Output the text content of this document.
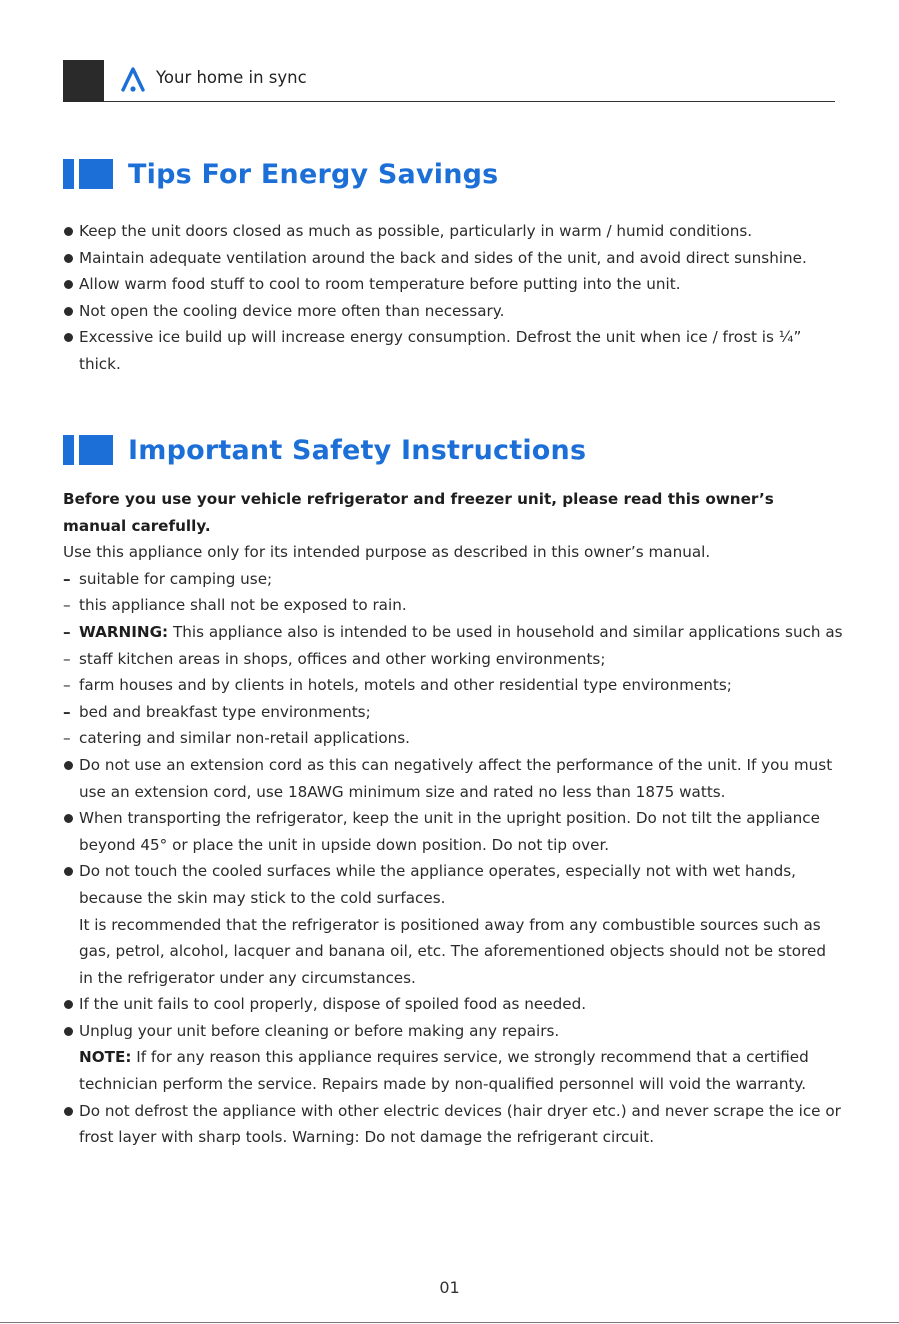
Your home in sync
Tips For Energy Savings
Keep the unit doors closed as much as possible, particularly in warm / humid conditions.
Maintain adequate ventilation around the back and sides of the unit, and avoid direct sunshine.
Allow warm food stuff to cool to room temperature before putting into the unit.
Not open the cooling device more often than necessary.
Excessive ice build up will increase energy consumption. Defrost the unit when ice / frost is ¼” thick.
Important Safety Instructions
Before you use your vehicle refrigerator and freezer unit, please read this owner’s manual carefully.
Use this appliance only for its intended purpose as described in this owner’s manual.
– suitable for camping use;
– this appliance shall not be exposed to rain.
– WARNING: This appliance also is intended to be used in household and similar applications such as
– staff kitchen areas in shops, offices and other working environments;
– farm houses and by clients in hotels, motels and other residential type environments;
– bed and breakfast type environments;
– catering and similar non-retail applications.
Do not use an extension cord as this can negatively affect the performance of the unit. If you must use an extension cord, use 18AWG minimum size and rated no less than 1875 watts.
When transporting the refrigerator, keep the unit in the upright position. Do not tilt the appliance beyond 45° or place the unit in upside down position. Do not tip over.
Do not touch the cooled surfaces while the appliance operates, especially not with wet hands, because the skin may stick to the cold surfaces.
It is recommended that the refrigerator is positioned away from any combustible sources such as gas, petrol, alcohol, lacquer and banana oil, etc. The aforementioned objects should not be stored in the refrigerator under any circumstances.
If the unit fails to cool properly, dispose of spoiled food as needed.
Unplug your unit before cleaning or before making any repairs.
NOTE: If for any reason this appliance requires service, we strongly recommend that a certified technician perform the service. Repairs made by non-qualified personnel will void the warranty.
Do not defrost the appliance with other electric devices (hair dryer etc.) and never scrape the ice or frost layer with sharp tools. Warning: Do not damage the refrigerant circuit.
01
